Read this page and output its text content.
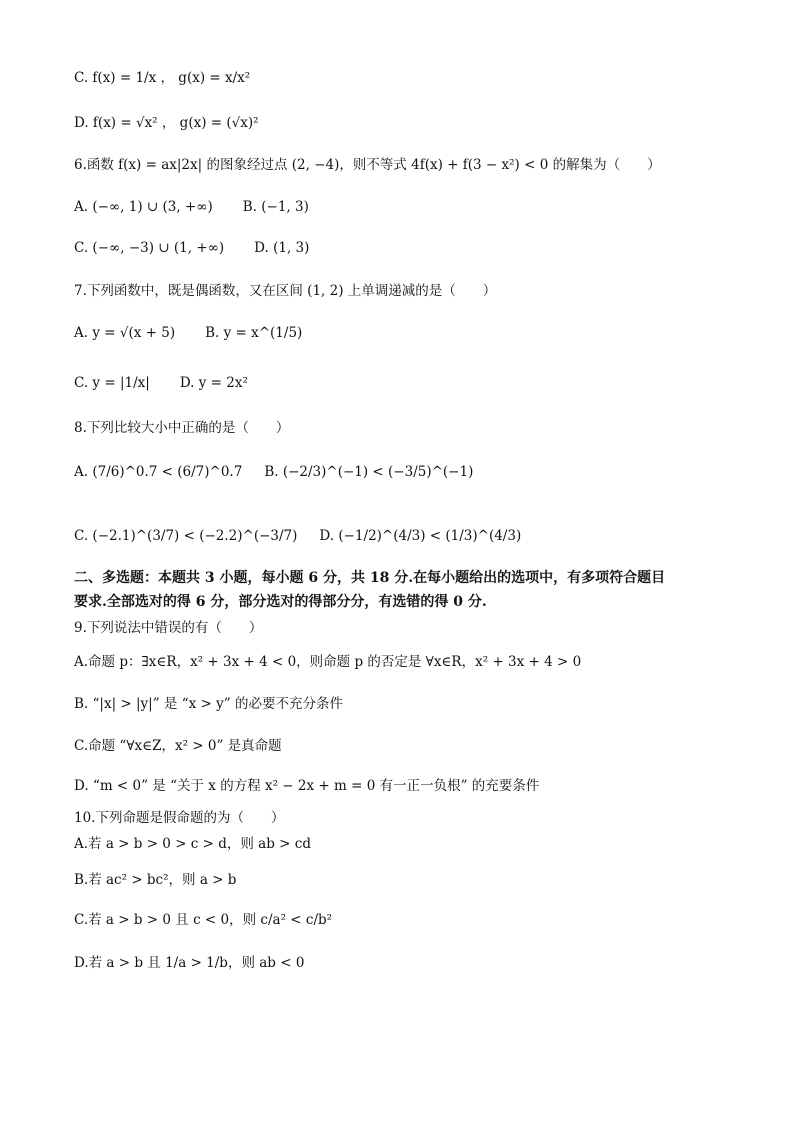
C. f(x) = 1/x ， g(x) = x/x²
D. f(x) = √x² ， g(x) = (√x)²
6.函数 f(x) = ax|2x| 的图象经过点 (2, −4)，则不等式 4f(x) + f(3 − x²) < 0 的解集为（　　）
A. (−∞, 1) ∪ (3, +∞) B. (−1, 3)
C. (−∞, −3) ∪ (1, +∞) D. (1, 3)
7.下列函数中，既是偶函数，又在区间 (1, 2) 上单调递减的是（　　）
A. y = √(x + 5) B. y = x^(1/5)
C. y = |1/x| D. y = 2x²
8.下列比较大小中正确的是（　　）
A. (7/6)^0.7 < (6/7)^0.7 B. (−2/3)^(−1) < (−3/5)^(−1)
C. (−2.1)^(3/7) < (−2.2)^(−3/7) D. (−1/2)^(4/3) < (1/3)^(4/3)
二、多选题：本题共 3 小题，每小题 6 分，共 18 分.在每小题给出的选项中，有多项符合题目
要求.全部选对的得 6 分，部分选对的得部分分，有选错的得 0 分.
9.下列说法中错误的有（　　）
A.命题 p：∃x∈R，x² + 3x + 4 < 0，则命题 p 的否定是 ∀x∈R，x² + 3x + 4 > 0
B. “|x| > |y|” 是 “x > y” 的必要不充分条件
C.命题 “∀x∈Z，x² > 0” 是真命题
D. “m < 0” 是 “关于 x 的方程 x² − 2x + m = 0 有一正一负根” 的充要条件
10.下列命题是假命题的为（　　）
A.若 a > b > 0 > c > d，则 ab > cd
B.若 ac² > bc²，则 a > b
C.若 a > b > 0 且 c < 0，则 c/a² < c/b²
D.若 a > b 且 1/a > 1/b，则 ab < 0
